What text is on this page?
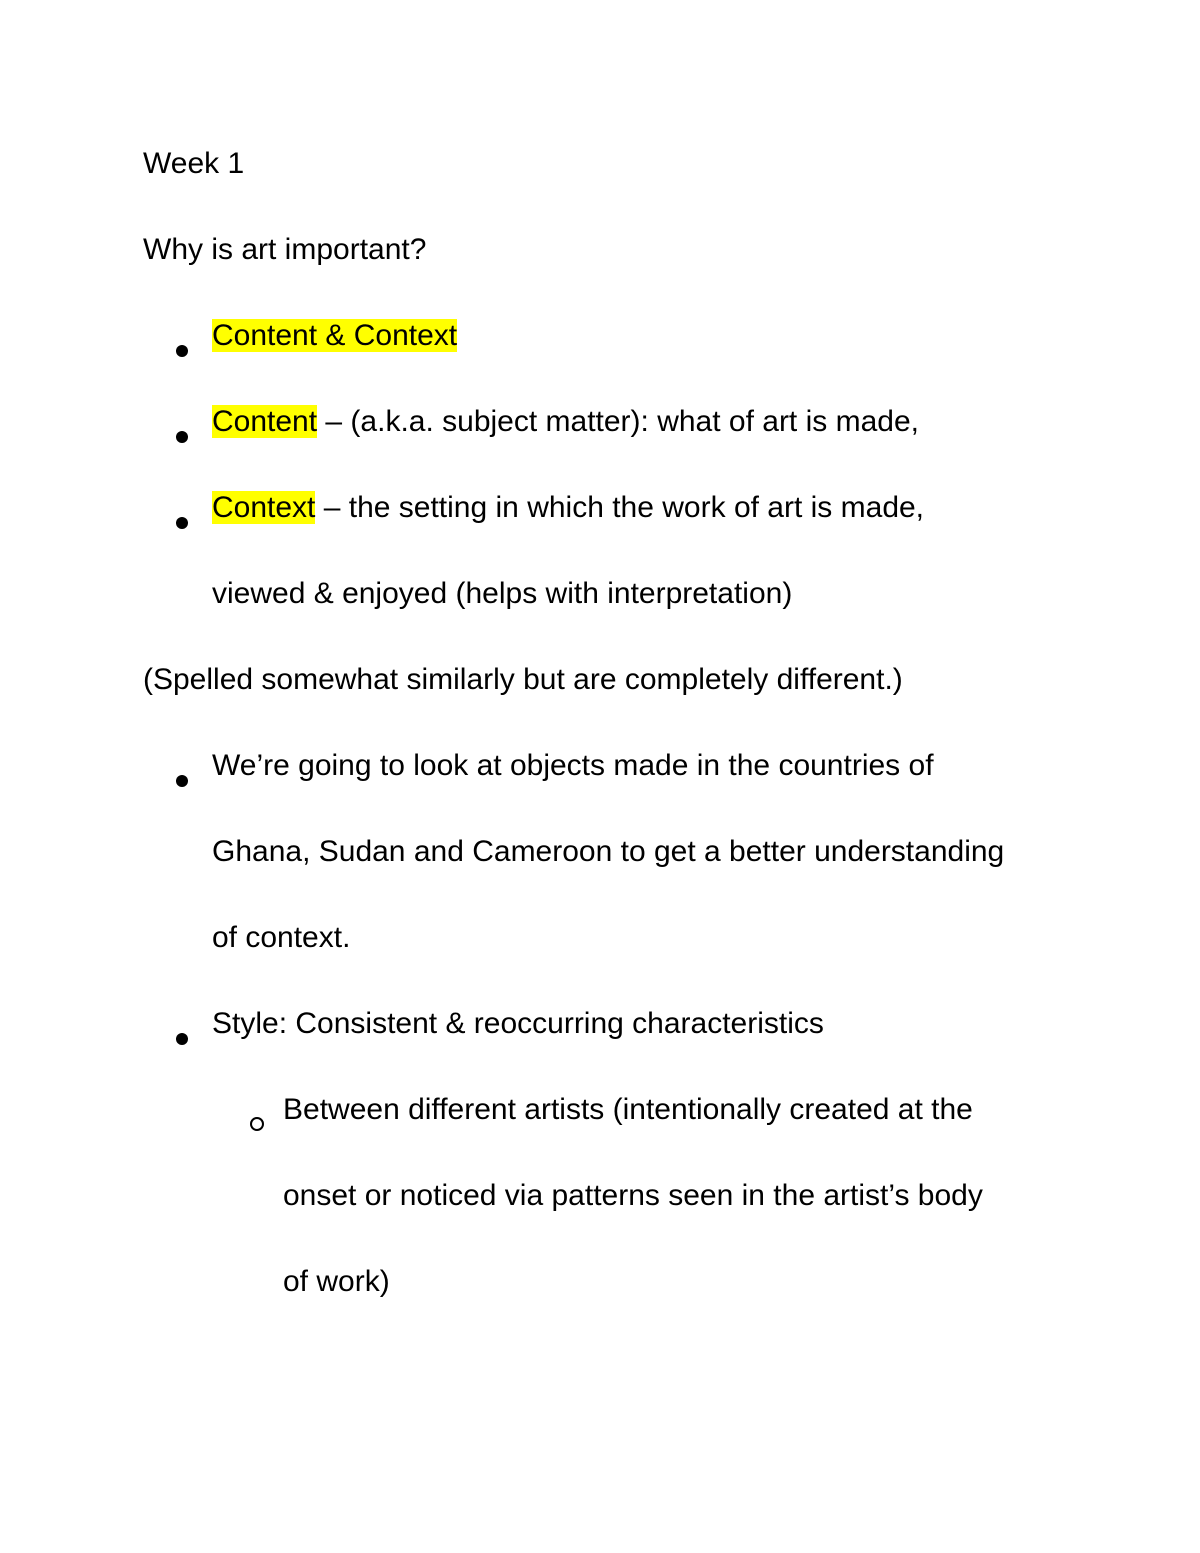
Week 1
Why is art important?
Content & Context
Content – (a.k.a. subject matter): what of art is made,
Context – the setting in which the work of art is made,
viewed & enjoyed (helps with interpretation)
(Spelled somewhat similarly but are completely different.)
We’re going to look at objects made in the countries of
Ghana, Sudan and Cameroon to get a better understanding
of context.
Style: Consistent & reoccurring characteristics
Between different artists (intentionally created at the
onset or noticed via patterns seen in the artist’s body
of work)
